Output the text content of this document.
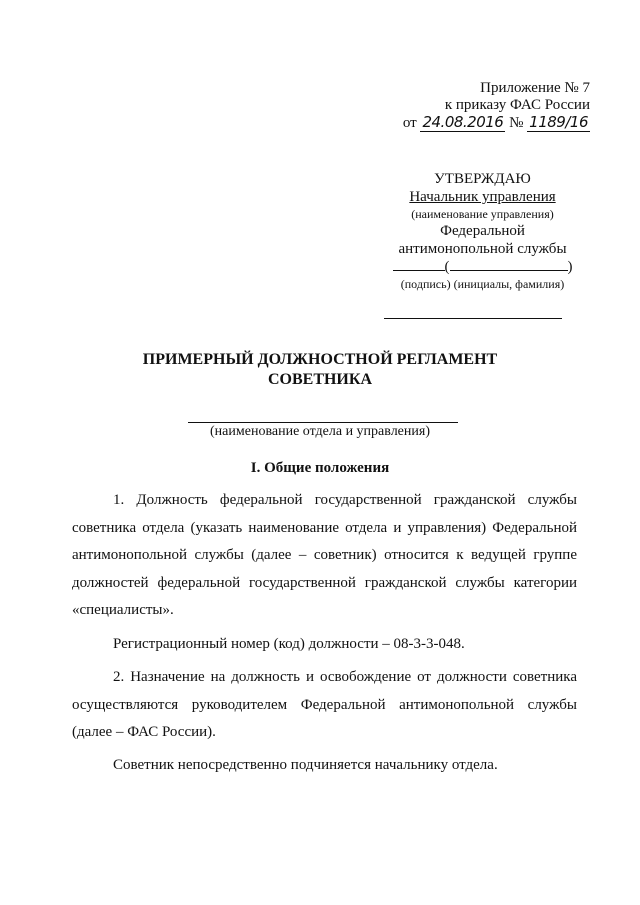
Приложение № 7
к приказу ФАС России
от 24.08.2016 № 1189/16
УТВЕРЖДАЮ
Начальник управления
(наименование управления)
Федеральной
антимонопольной службы
(	)
(подпись) (инициалы, фамилия)
ПРИМЕРНЫЙ ДОЛЖНОСТНОЙ РЕГЛАМЕНТ
СОВЕТНИКА
(наименование отдела и управления)
I. Общие положения

1. Должность федеральной государственной гражданской службы советника отдела (указать наименование отдела и управления) Федеральной антимонопольной службы (далее – советник) относится к ведущей группе должностей федеральной государственной гражданской службы категории «специалисты».

Регистрационный номер (код) должности – 08-3-3-048.

2. Назначение на должность и освобождение от должности советника осуществляются руководителем Федеральной антимонопольной службы (далее – ФАС России).

Советник непосредственно подчиняется начальнику отдела.
